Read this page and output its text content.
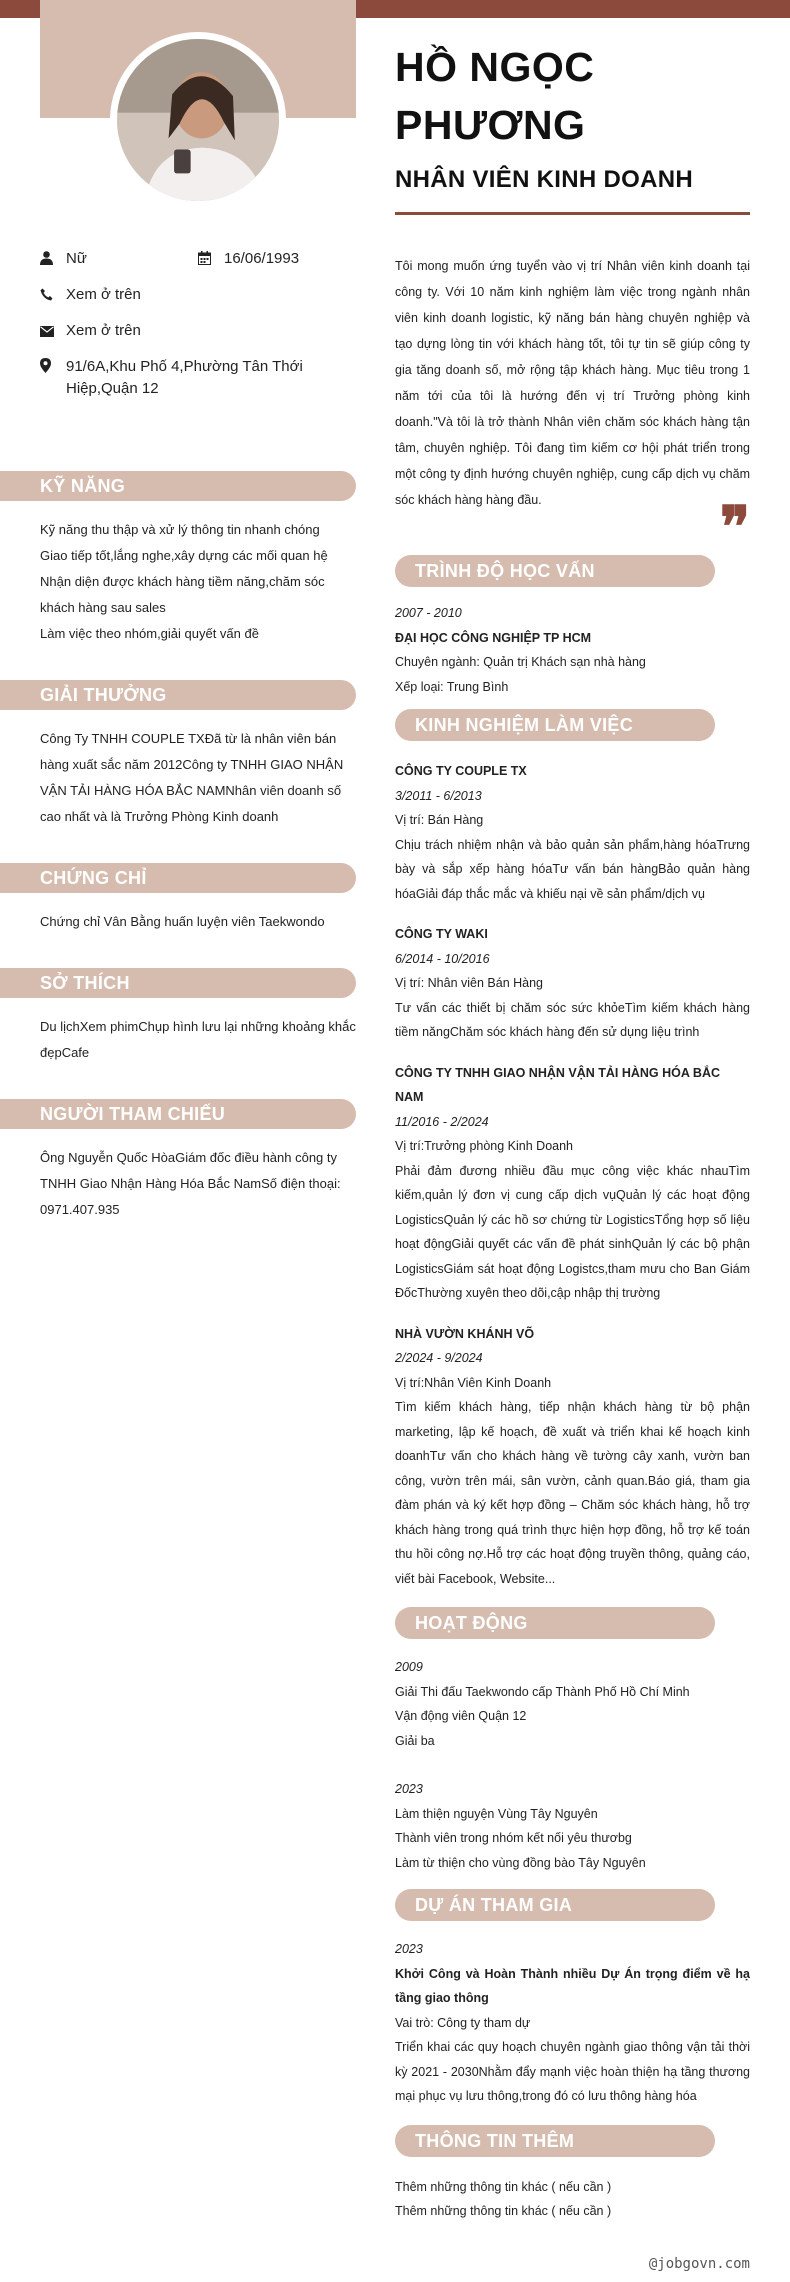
Nữ	16/06/1993
Xem ở trên
Xem ở trên
91/6A,Khu Phố 4,Phường Tân Thới Hiệp,Quận 12
KỸ NĂNG
Kỹ năng thu thập và xử lý thông tin nhanh chóng
Giao tiếp tốt,lắng nghe,xây dựng các mối quan hệ
Nhận diện được khách hàng tiềm năng,chăm sóc khách hàng sau sales
Làm việc theo nhóm,giải quyết vấn đề
GIẢI THƯỞNG
Công Ty TNHH COUPLE TXĐã từ là nhân viên bán hàng xuất sắc năm 2012Công ty TNHH GIAO NHẬN VẬN TẢI HÀNG HÓA BẮC NAMNhân viên doanh số cao nhất và là Trưởng Phòng Kinh doanh
CHỨNG CHỈ
Chứng chỉ Vân Bằng huấn luyện viên Taekwondo
SỞ THÍCH
Du lịchXem phimChụp hình lưu lại những khoảng khắc đẹpCafe
NGƯỜI THAM CHIẾU
Ông Nguyễn Quốc HòaGiám đốc điều hành công ty TNHH Giao Nhận Hàng Hóa Bắc NamSố điện thoại: 0971.407.935
HỒ NGỌC
PHƯƠNG
NHÂN VIÊN KINH DOANH
Tôi mong muốn ứng tuyển vào vị trí Nhân viên kinh doanh tại công ty. Với 10 năm kinh nghiệm làm việc trong ngành nhân viên kinh doanh logistic, kỹ năng bán hàng chuyên nghiệp và tạo dựng lòng tin với khách hàng tốt, tôi tự tin sẽ giúp công ty gia tăng doanh số, mở rộng tập khách hàng. Mục tiêu trong 1 năm tới của tôi là hướng đến vị trí Trưởng phòng kinh doanh."Và tôi là trở thành Nhân viên chăm sóc khách hàng tận tâm, chuyên nghiệp. Tôi đang tìm kiếm cơ hội phát triển trong một công ty định hướng chuyên nghiệp, cung cấp dịch vụ chăm sóc khách hàng hàng đầu.	❞
TRÌNH ĐỘ HỌC VẤN
2007 - 2010
ĐẠI HỌC CÔNG NGHIỆP TP HCM
Chuyên ngành: Quản trị Khách sạn nhà hàng
Xếp loại: Trung Bình
KINH NGHIỆM LÀM VIỆC
CÔNG TY COUPLE TX
3/2011 - 6/2013
Vị trí: Bán Hàng
Chịu trách nhiệm nhận và bảo quản sản phẩm,hàng hóaTrưng bày và sắp xếp hàng hóaTư vấn bán hàngBảo quản hàng hóaGiải đáp thắc mắc và khiếu nại về sản phẩm/dịch vụ
CÔNG TY WAKI
6/2014 - 10/2016
Vị trí: Nhân viên Bán Hàng
Tư vấn các thiết bị chăm sóc sức khỏeTìm kiếm khách hàng tiềm năngChăm sóc khách hàng đến sử dụng liệu trình
CÔNG TY TNHH GIAO NHẬN VẬN TẢI HÀNG HÓA BẮC NAM
11/2016 - 2/2024
Vị trí:Trưởng phòng Kinh Doanh
Phải đảm đương nhiều đầu mục công việc khác nhauTìm kiếm,quản lý đơn vị cung cấp dịch vụQuản lý các hoạt động LogisticsQuản lý các hồ sơ chứng từ LogisticsTổng hợp số liệu hoạt độngGiải quyết các vấn đề phát sinhQuản lý các bộ phận LogisticsGiám sát hoạt động Logistcs,tham mưu cho Ban Giám ĐốcThường xuyên theo dõi,cập nhập thị trường
NHÀ VƯỜN KHÁNH VÕ
2/2024 - 9/2024
Vị trí:Nhân Viên Kinh Doanh
Tìm kiếm khách hàng, tiếp nhận khách hàng từ bộ phận marketing, lập kế hoạch, đề xuất và triển khai kế hoạch kinh doanhTư vấn cho khách hàng về tường cây xanh, vườn ban công, vườn trên mái, sân vườn, cảnh quan.Báo giá, tham gia đàm phán và ký kết hợp đồng – Chăm sóc khách hàng, hỗ trợ khách hàng trong quá trình thực hiện hợp đồng, hỗ trợ kế toán thu hồi công nợ.Hỗ trợ các hoạt động truyền thông, quảng cáo, viết bài Facebook, Website...
HOẠT ĐỘNG
2009
Giải Thi đấu Taekwondo cấp Thành Phố Hồ Chí Minh
Vận động viên Quận 12
Giải ba
2023
Làm thiện nguyện Vùng Tây Nguyên
Thành viên trong nhóm kết nối yêu thươbg
Làm từ thiện cho vùng đồng bào Tây Nguyên
DỰ ÁN THAM GIA
2023
Khởi Công và Hoàn Thành nhiều Dự Án trọng điểm về hạ tầng giao thông
Vai trò: Công ty tham dự
Triển khai các quy hoạch chuyên ngành giao thông vận tải thời kỳ 2021 - 2030Nhằm đẩy mạnh việc hoàn thiện hạ tầng thương mại phục vụ lưu thông,trong đó có lưu thông hàng hóa
THÔNG TIN THÊM
Thêm những thông tin khác ( nếu cần )
Thêm những thông tin khác ( nếu cần )
@jobgovn.com
